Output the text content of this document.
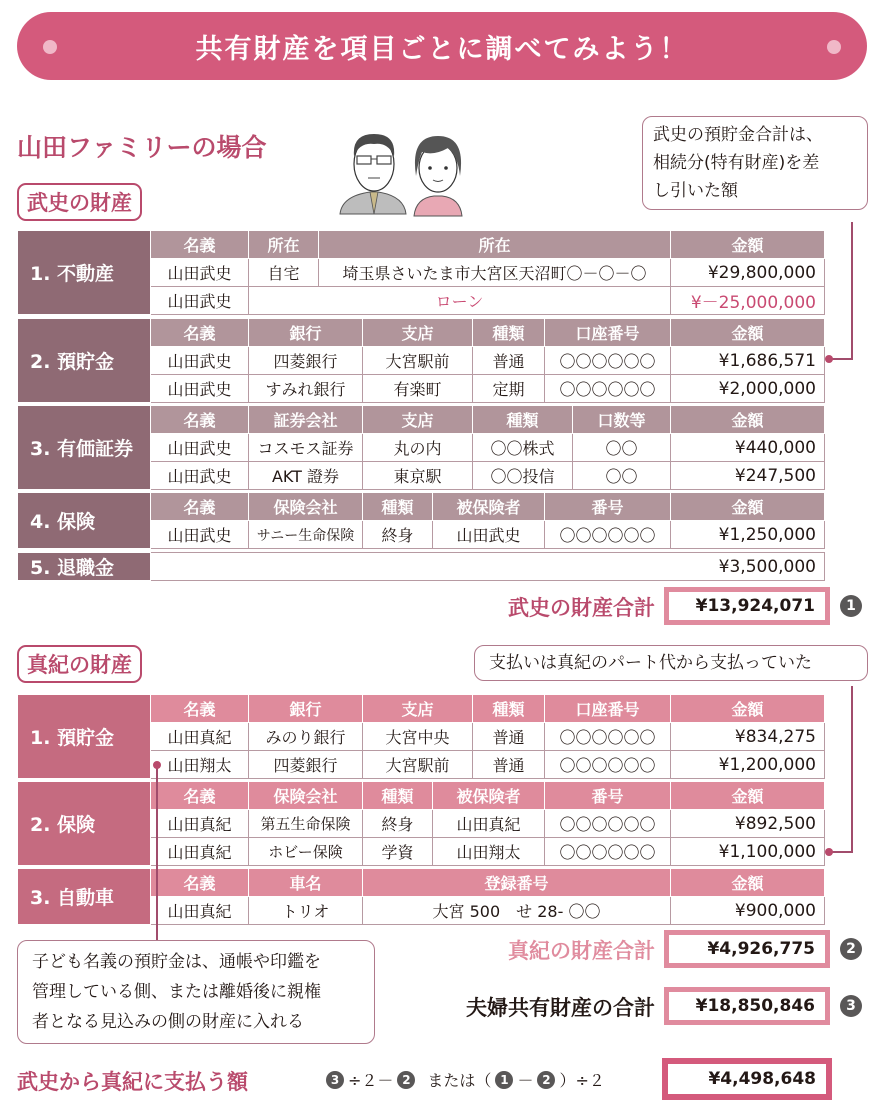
共有財産を項目ごとに調べてみよう！
山田ファミリーの場合
武史の財産
武史の預貯金合計は、
相続分(特有財産)を差
し引いた額
1. 不動産	名義	所在	所在	金額
	山田武史	自宅	埼玉県さいたま市大宮区天沼町〇－〇－〇	¥29,800,000
	山田武史	ローン		¥－25,000,000
2. 預貯金	名義	銀行	支店	種類	口座番号	金額
	山田武史	四菱銀行	大宮駅前	普通	〇〇〇〇〇〇	¥1,686,571
	山田武史	すみれ銀行	有楽町	定期	〇〇〇〇〇〇	¥2,000,000
3. 有価証券	名義	証券会社	支店	種類	口数等	金額
	山田武史	コスモス証券	丸の内	〇〇株式	〇〇	¥440,000
	山田武史	AKT 證券	東京駅	〇〇投信	〇〇	¥247,500
4. 保険	名義	保険会社	種類	被保険者	番号	金額
	山田武史	サニー生命保険	終身	山田武史	〇〇〇〇〇〇	¥1,250,000
5. 退職金	¥3,500,000
武史の財産合計	¥13,924,071	1
真紀の財産	支払いは真紀のパート代から支払っていた
1. 預貯金	名義	銀行	支店	種類	口座番号	金額
	山田真紀	みのり銀行	大宮中央	普通	〇〇〇〇〇〇	¥834,275
	山田翔太	四菱銀行	大宮駅前	普通	〇〇〇〇〇〇	¥1,200,000
2. 保険	名義	保険会社	種類	被保険者	番号	金額
	山田真紀	第五生命保険	終身	山田真紀	〇〇〇〇〇〇	¥892,500
	山田真紀	ホビー保険	学資	山田翔太	〇〇〇〇〇〇	¥1,100,000
3. 自動車	名義	車名	登録番号	金額
	山田真紀	トリオ	大宮 500　せ 28- 〇〇	¥900,000
子ども名義の預貯金は、通帳や印鑑を
管理している側、または離婚後に親権
者となる見込みの側の財産に入れる
真紀の財産合計	¥4,926,775	2
夫婦共有財産の合計	¥18,850,846	3
武史から真紀に支払う額	3 ÷２－ 2	または（ 1 － 2 ）÷２	¥4,498,648
